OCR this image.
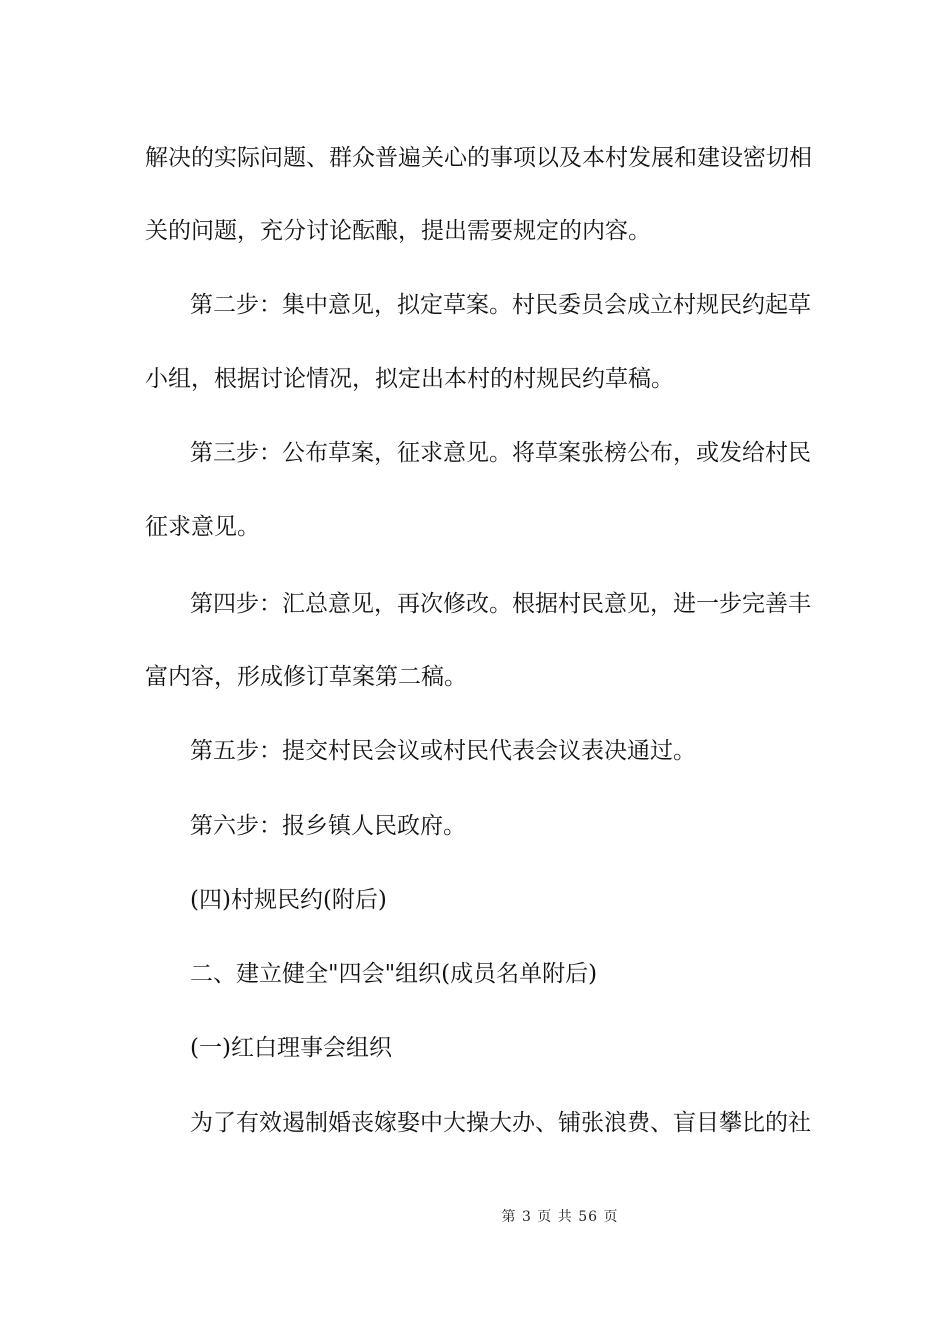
解决的实际问题、群众普遍关心的事项以及本村发展和建设密切相
关的问题，充分讨论酝酿，提出需要规定的内容。
第二步：集中意见，拟定草案。村民委员会成立村规民约起草
小组，根据讨论情况，拟定出本村的村规民约草稿。
第三步：公布草案，征求意见。将草案张榜公布，或发给村民
征求意见。
第四步：汇总意见，再次修改。根据村民意见，进一步完善丰
富内容，形成修订草案第二稿。
第五步：提交村民会议或村民代表会议表决通过。
第六步：报乡镇人民政府。
(四)村规民约(附后)
二、建立健全"四会"组织(成员名单附后)
(一)红白理事会组织
为了有效遏制婚丧嫁娶中大操大办、铺张浪费、盲目攀比的社
第 3 页 共 56 页
